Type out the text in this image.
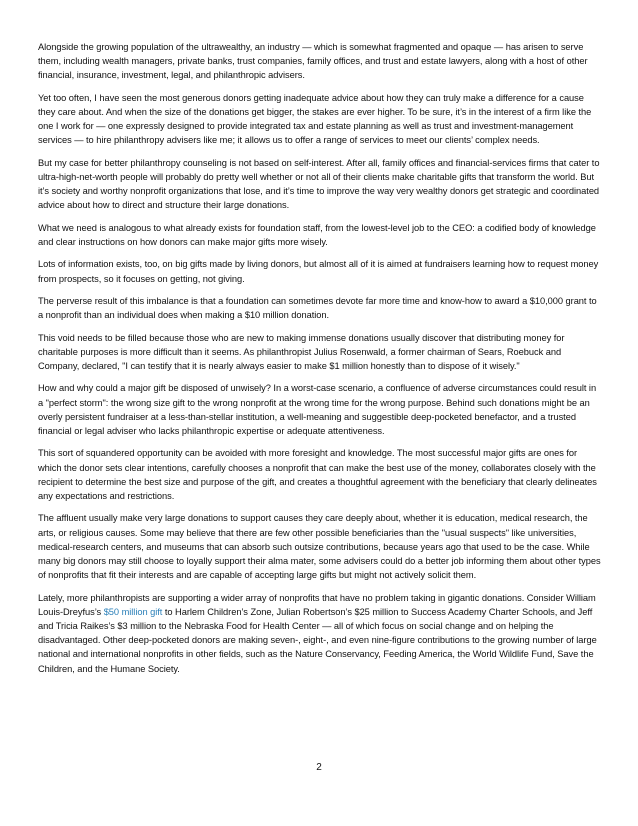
Alongside the growing population of the ultrawealthy, an industry — which is somewhat fragmented and opaque — has arisen to serve them, including wealth managers, private banks, trust companies, family offices, and trust and estate lawyers, along with a host of other financial, insurance, investment, legal, and philanthropic advisers.

Yet too often, I have seen the most generous donors getting inadequate advice about how they can truly make a difference for a cause they care about. And when the size of the donations get bigger, the stakes are ever higher. To be sure, it’s in the interest of a firm like the one I work for — one expressly designed to provide integrated tax and estate planning as well as trust and investment-management services — to hire philanthropy advisers like me; it allows us to offer a range of services to meet our clients’ complex needs.

But my case for better philanthropy counseling is not based on self-interest. After all, family offices and financial-services firms that cater to ultra-high-net-worth people will probably do pretty well whether or not all of their clients make charitable gifts that transform the world. But it’s society and worthy nonprofit organizations that lose, and it’s time to improve the way very wealthy donors get strategic and coordinated advice about how to direct and structure their large donations.

What we need is analogous to what already exists for foundation staff, from the lowest-level job to the CEO: a codified body of knowledge and clear instructions on how donors can make major gifts more wisely.

Lots of information exists, too, on big gifts made by living donors, but almost all of it is aimed at fundraisers learning how to request money from prospects, so it focuses on getting, not giving.

The perverse result of this imbalance is that a foundation can sometimes devote far more time and know-how to award a $10,000 grant to a nonprofit than an individual does when making a $10 million donation.

This void needs to be filled because those who are new to making immense donations usually discover that distributing money for charitable purposes is more difficult than it seems. As philanthropist Julius Rosenwald, a former chairman of Sears, Roebuck and Company, declared, "I can testify that it is nearly always easier to make $1 million honestly than to dispose of it wisely."

How and why could a major gift be disposed of unwisely? In a worst-case scenario, a confluence of adverse circumstances could result in a "perfect storm": the wrong size gift to the wrong nonprofit at the wrong time for the wrong purpose. Behind such donations might be an overly persistent fundraiser at a less-than-stellar institution, a well-meaning and suggestible deep-pocketed benefactor, and a trusted financial or legal adviser who lacks philanthropic expertise or adequate attentiveness.

This sort of squandered opportunity can be avoided with more foresight and knowledge. The most successful major gifts are ones for which the donor sets clear intentions, carefully chooses a nonprofit that can make the best use of the money, collaborates closely with the recipient to determine the best size and purpose of the gift, and creates a thoughtful agreement with the beneficiary that clearly delineates any expectations and restrictions.

The affluent usually make very large donations to support causes they care deeply about, whether it is education, medical research, the arts, or religious causes. Some may believe that there are few other possible beneficiaries than the "usual suspects" like universities, medical-research centers, and museums that can absorb such outsize contributions, because years ago that used to be the case. While many big donors may still choose to loyally support their alma mater, some advisers could do a better job informing them about other types of nonprofits that fit their interests and are capable of accepting large gifts but might not actively solicit them.

Lately, more philanthropists are supporting a wider array of nonprofits that have no problem taking in gigantic donations. Consider William Louis-Dreyfus’s $50 million gift to Harlem Children’s Zone, Julian Robertson’s $25 million to Success Academy Charter Schools, and Jeff and Tricia Raikes’s $3 million to the Nebraska Food for Health Center — all of which focus on social change and on helping the disadvantaged. Other deep-pocketed donors are making seven-, eight-, and even nine-figure contributions to the growing number of large national and international nonprofits in other fields, such as the Nature Conservancy, Feeding America, the World Wildlife Fund, Save the Children, and the Humane Society.

2
